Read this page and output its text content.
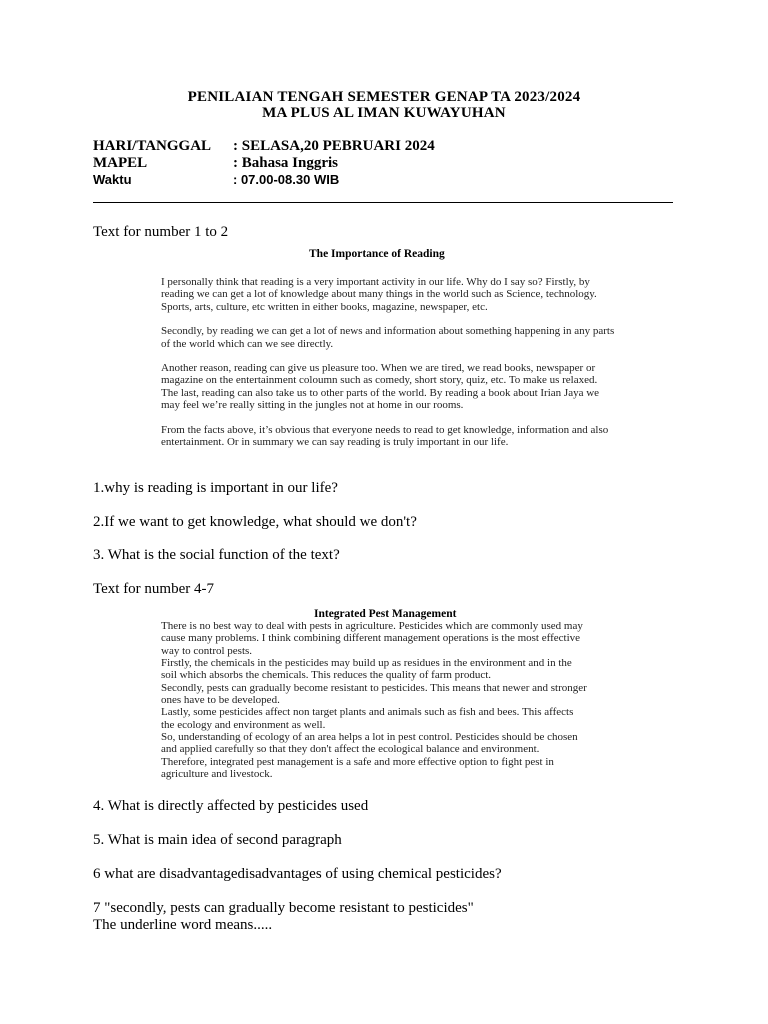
PENILAIAN TENGAH SEMESTER GENAP TA 2023/2024
MA PLUS AL IMAN KUWAYUHAN
HARI/TANGGAL : SELASA,20 PEBRUARI 2024
MAPEL	: Bahasa Inggris
Waktu	: 07.00-08.30 WIB
Text for number 1 to 2
The Importance of Reading

I personally think that reading is a very important activity in our life. Why do I say so? Firstly, by reading we can get a lot of knowledge about many things in the world such as Science, technology. Sports, arts, culture, etc written in either books, magazine, newspaper, etc.

Secondly, by reading we can get a lot of news and information about something happening in any parts of the world which can we see directly.

Another reason, reading can give us pleasure too. When we are tired, we read books, newspaper or magazine on the entertainment coloumn such as comedy, short story, quiz, etc. To make us relaxed.

The last, reading can also take us to other parts of the world. By reading a book about Irian Jaya we may feel we’re really sitting in the jungles not at home in our rooms.

From the facts above, it’s obvious that everyone needs to read to get knowledge, information and also entertainment. Or in summary we can say reading is truly important in our life.

1.why is reading is important in our life?
2.If we want to get knowledge, what should we don't?
3. What is the social function of the text?
Text for number 4-7
Integrated Pest Management

There is no best way to deal with pests in agriculture. Pesticides which are commonly used may

cause many problems. I think combining different management operations is the most effective

way to control pests.

Firstly, the chemicals in the pesticides may build up as residues in the environment and in the

soil which absorbs the chemicals. This reduces the quality of farm product.

Secondly, pests can gradually become resistant to pesticides. This means that newer and stronger

ones have to be developed.

Lastly, some pesticides affect non target plants and animals such as fish and bees. This affects

the ecology and environment as well.

So, understanding of ecology of an area helps a lot in pest control. Pesticides should be chosen

and applied carefully so that they don't affect the ecological balance and environment.

Therefore, integrated pest management is a safe and more effective option to fight pest in

agriculture and livestock.

4. What is directly affected by pesticides used
5. What is main idea of second paragraph
6 what are disadvantagedisadvantages of using chemical pesticides?
7 "secondly, pests can gradually become resistant to pesticides"
The underline word means.....
